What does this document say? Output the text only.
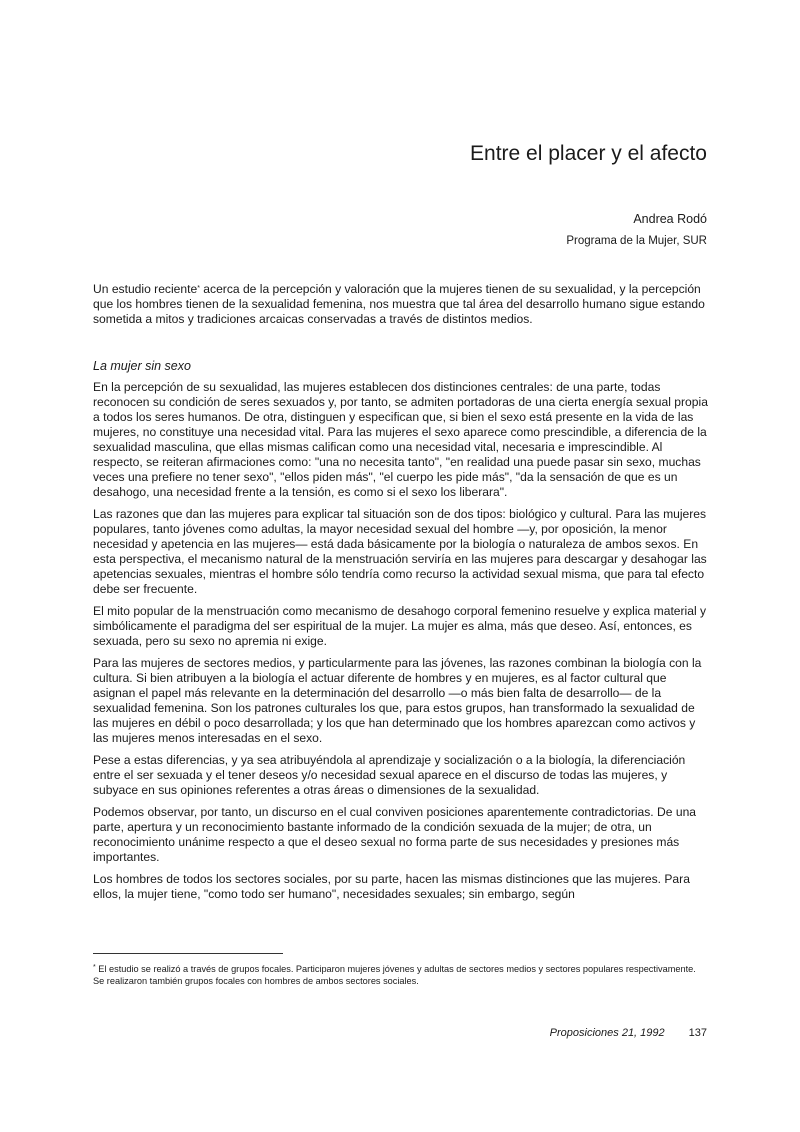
Entre el placer y el afecto
Andrea Rodó
Programa de la Mujer, SUR

Un estudio reciente* acerca de la percepción y valoración que la mujeres tienen de su sexualidad, y la percepción que los hombres tienen de la sexualidad femenina, nos muestra que tal área del desarrollo humano sigue estando sometida a mitos y tradiciones arcaicas conservadas a través de distintos medios.

La mujer sin sexo

En la percepción de su sexualidad, las mujeres establecen dos distinciones centrales: de una parte, todas reconocen su condición de seres sexuados y, por tanto, se admiten portadoras de una cierta energía sexual propia a todos los seres humanos. De otra, distinguen y especifican que, si bien el sexo está presente en la vida de las mujeres, no constituye una necesidad vital. Para las mujeres el sexo aparece como prescindible, a diferencia de la sexualidad masculina, que ellas mismas califican como una necesidad vital, necesaria e imprescindible. Al respecto, se reiteran afirmaciones como: "una no necesita tanto", "en realidad una puede pasar sin sexo, muchas veces una prefiere no tener sexo", "ellos piden más", "el cuerpo les pide más", "da la sensación de que es un desahogo, una necesidad frente a la tensión, es como si el sexo los liberara".

Las razones que dan las mujeres para explicar tal situación son de dos tipos: biológico y cultural. Para las mujeres populares, tanto jóvenes como adultas, la mayor necesidad sexual del hombre —y, por oposición, la menor necesidad y apetencia en las mujeres— está dada básicamente por la biología o naturaleza de ambos sexos. En esta perspectiva, el mecanismo natural de la menstruación serviría en las mujeres para descargar y desahogar las apetencias sexuales, mientras el hombre sólo tendría como recurso la actividad sexual misma, que para tal efecto debe ser frecuente.

El mito popular de la menstruación como mecanismo de desahogo corporal femenino resuelve y explica material y simbólicamente el paradigma del ser espiritual de la mujer. La mujer es alma, más que deseo. Así, entonces, es sexuada, pero su sexo no apremia ni exige.

Para las mujeres de sectores medios, y particularmente para las jóvenes, las razones combinan la biología con la cultura. Si bien atribuyen a la biología el actuar diferente de hombres y en mujeres, es al factor cultural que asignan el papel más relevante en la determinación del desarrollo —o más bien falta de desarrollo— de la sexualidad femenina. Son los patrones culturales los que, para estos grupos, han transformado la sexualidad de las mujeres en débil o poco desarrollada; y los que han determinado que los hombres aparezcan como activos y las mujeres menos interesadas en el sexo.

Pese a estas diferencias, y ya sea atribuyéndola al aprendizaje y socialización o a la biología, la diferenciación entre el ser sexuada y el tener deseos y/o necesidad sexual aparece en el discurso de todas las mujeres, y subyace en sus opiniones referentes a otras áreas o dimensiones de la sexualidad.

Podemos observar, por tanto, un discurso en el cual conviven posiciones aparentemente contradictorias. De una parte, apertura y un reconocimiento bastante informado de la condición sexuada de la mujer; de otra, un reconocimiento unánime respecto a que el deseo sexual no forma parte de sus necesidades y presiones más importantes.

Los hombres de todos los sectores sociales, por su parte, hacen las mismas distinciones que las mujeres. Para ellos, la mujer tiene, "como todo ser humano", necesidades sexuales; sin embargo, según

* El estudio se realizó a través de grupos focales. Participaron mujeres jóvenes y adultas de sectores medios y sectores populares respectivamente. Se realizaron también grupos focales con hombres de ambos sectores sociales.

Proposiciones 21, 1992 137
